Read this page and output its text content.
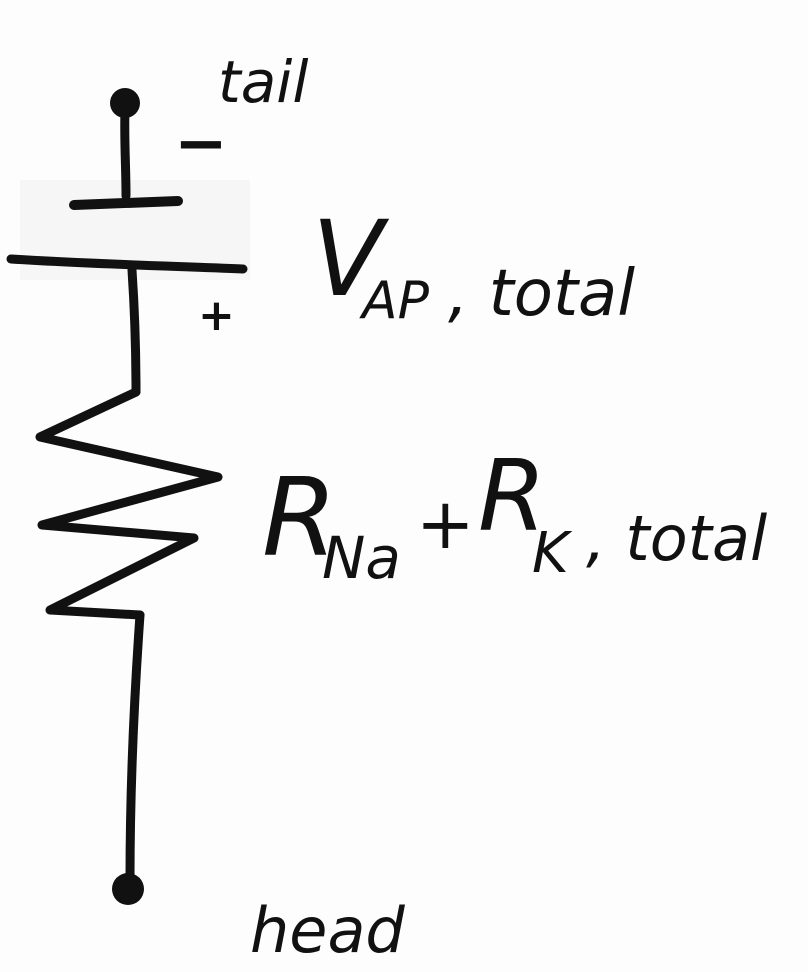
tail
head
−
+ V
AP , total
R
Na + R
K , total
